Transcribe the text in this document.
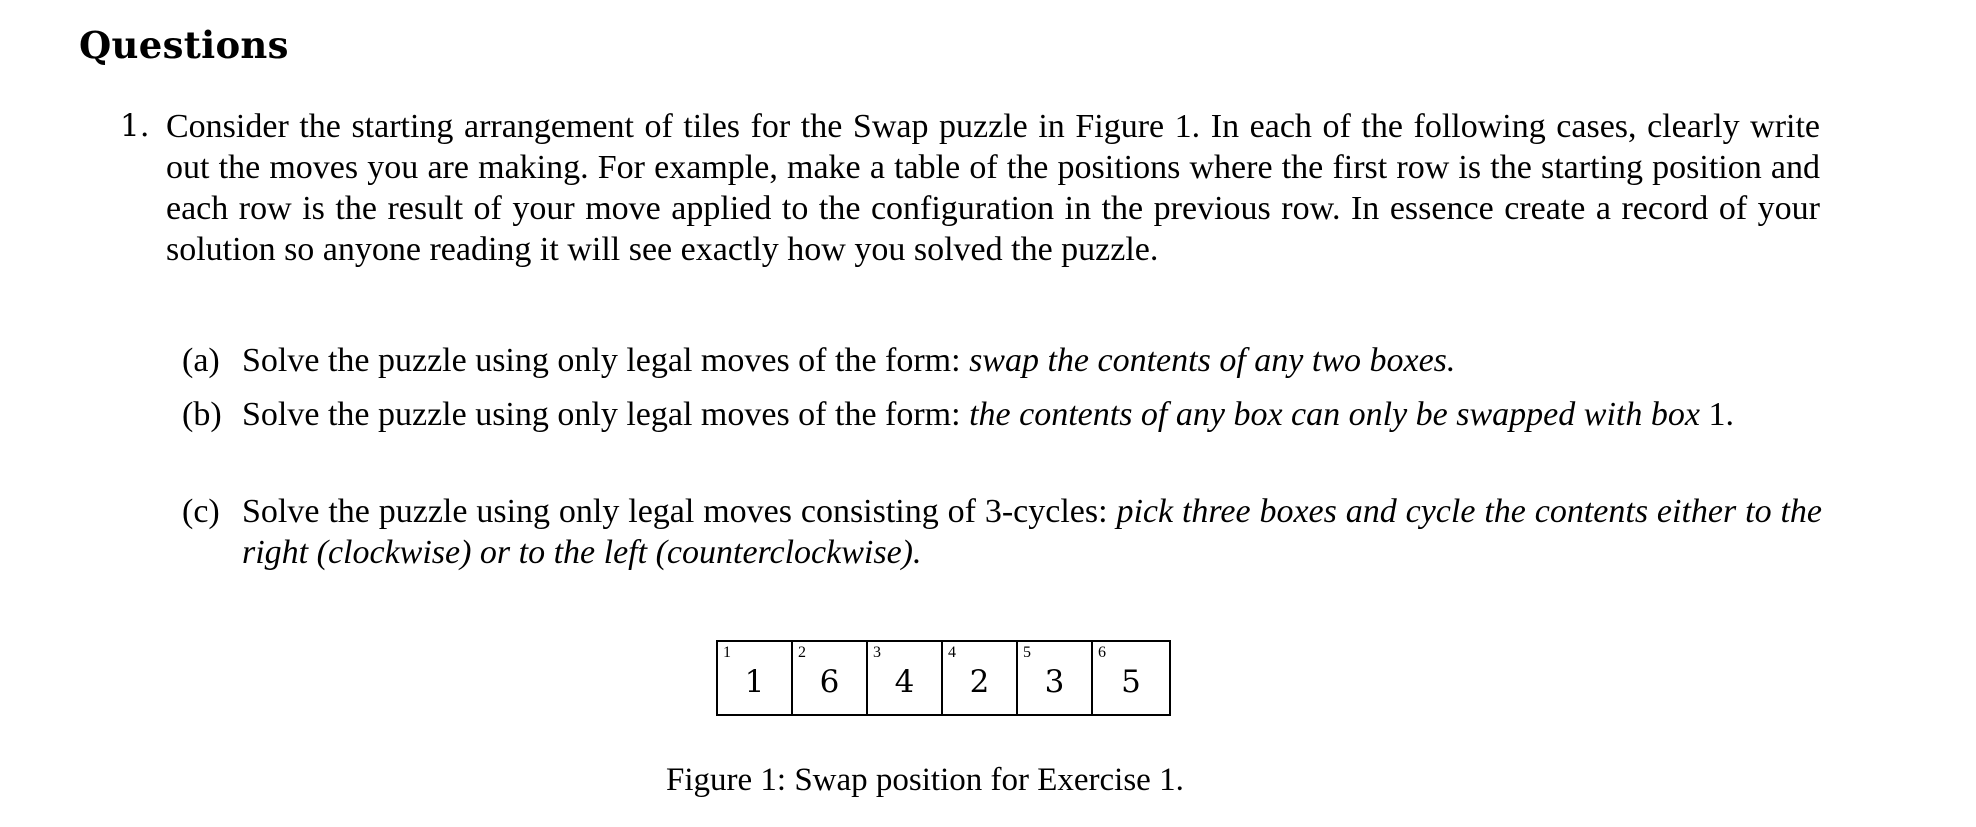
Questions
1. Consider the starting arrangement of tiles for the Swap puzzle in Figure 1. In each of the following cases, clearly write out the moves you are making. For example, make a table of the positions where the first row is the starting position and each row is the result of your move applied to the configuration in the previous row. In essence create a record of your solution so anyone reading it will see exactly how you solved the puzzle.
(a) Solve the puzzle using only legal moves of the form: swap the contents of any two boxes.
(b) Solve the puzzle using only legal moves of the form: the contents of any box can only be swapped with box 1.
(c) Solve the puzzle using only legal moves consisting of 3-cycles: pick three boxes and cycle the contents either to the right (clockwise) or to the left (counterclockwise).
1
1
2
6
3
4
4
2
5
3
6
5
Figure 1: Swap position for Exercise 1.
